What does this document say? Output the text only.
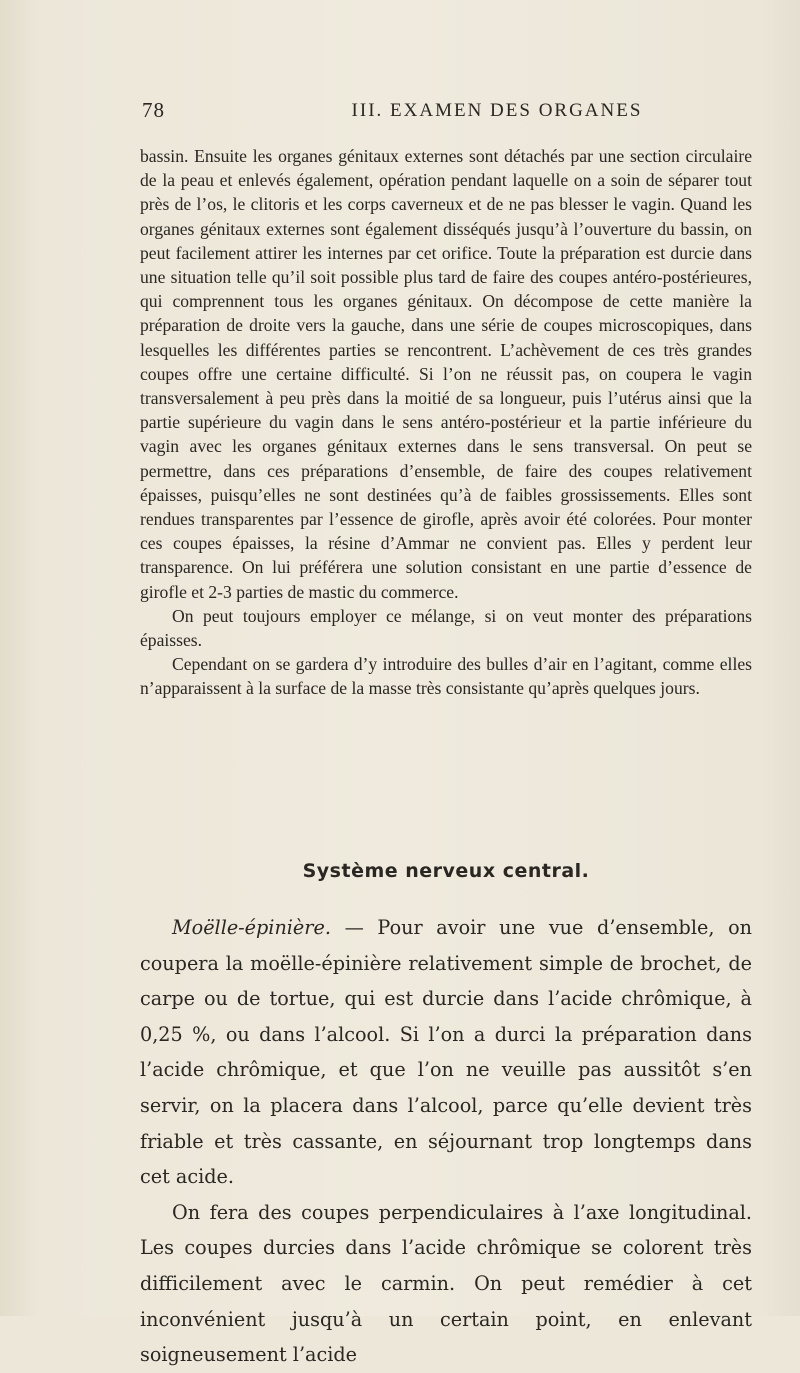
78	III. EXAMEN DES ORGANES

bassin. Ensuite les organes génitaux externes sont détachés par une section circulaire de la peau et enlevés également, opération pendant laquelle on a soin de séparer tout près de l’os, le clitoris et les corps caverneux et de ne pas blesser le vagin. Quand les organes génitaux externes sont également disséqués jusqu’à l’ouverture du bassin, on peut facilement attirer les internes par cet orifice. Toute la préparation est durcie dans une situation telle qu’il soit possible plus tard de faire des coupes antéro-postérieures, qui comprennent tous les organes génitaux. On décompose de cette manière la préparation de droite vers la gauche, dans une série de coupes microscopiques, dans lesquelles les différentes parties se rencontrent. L’achèvement de ces très grandes coupes offre une certaine difficulté. Si l’on ne réussit pas, on coupera le vagin transversalement à peu près dans la moitié de sa longueur, puis l’utérus ainsi que la partie supérieure du vagin dans le sens antéro-postérieur et la partie inférieure du vagin avec les organes génitaux externes dans le sens transversal. On peut se permettre, dans ces préparations d’ensemble, de faire des coupes relativement épaisses, puisqu’elles ne sont destinées qu’à de faibles grossissements. Elles sont rendues transparentes par l’essence de girofle, après avoir été colorées. Pour monter ces coupes épaisses, la résine d’Ammar ne convient pas. Elles y perdent leur transparence. On lui préférera une solution consistant en une partie d’essence de girofle et 2-3 parties de mastic du commerce.

On peut toujours employer ce mélange, si on veut monter des préparations épaisses.

Cependant on se gardera d’y introduire des bulles d’air en l’agitant, comme elles n’apparaissent à la surface de la masse très consistante qu’après quelques jours.

Système nerveux central.

Moëlle-épinière. — Pour avoir une vue d’ensemble, on coupera la moëlle-épinière relativement simple de brochet, de carpe ou de tortue, qui est durcie dans l’acide chrômique, à 0,25 %, ou dans l’alcool. Si l’on a durci la préparation dans l’acide chrômique, et que l’on ne veuille pas aussitôt s’en servir, on la placera dans l’alcool, parce qu’elle devient très friable et très cassante, en séjournant trop longtemps dans cet acide.

On fera des coupes perpendiculaires à l’axe longitudinal. Les coupes durcies dans l’acide chrômique se colorent très difficilement avec le carmin. On peut remédier à cet inconvénient jusqu’à un certain point, en enlevant soigneusement l’acide
